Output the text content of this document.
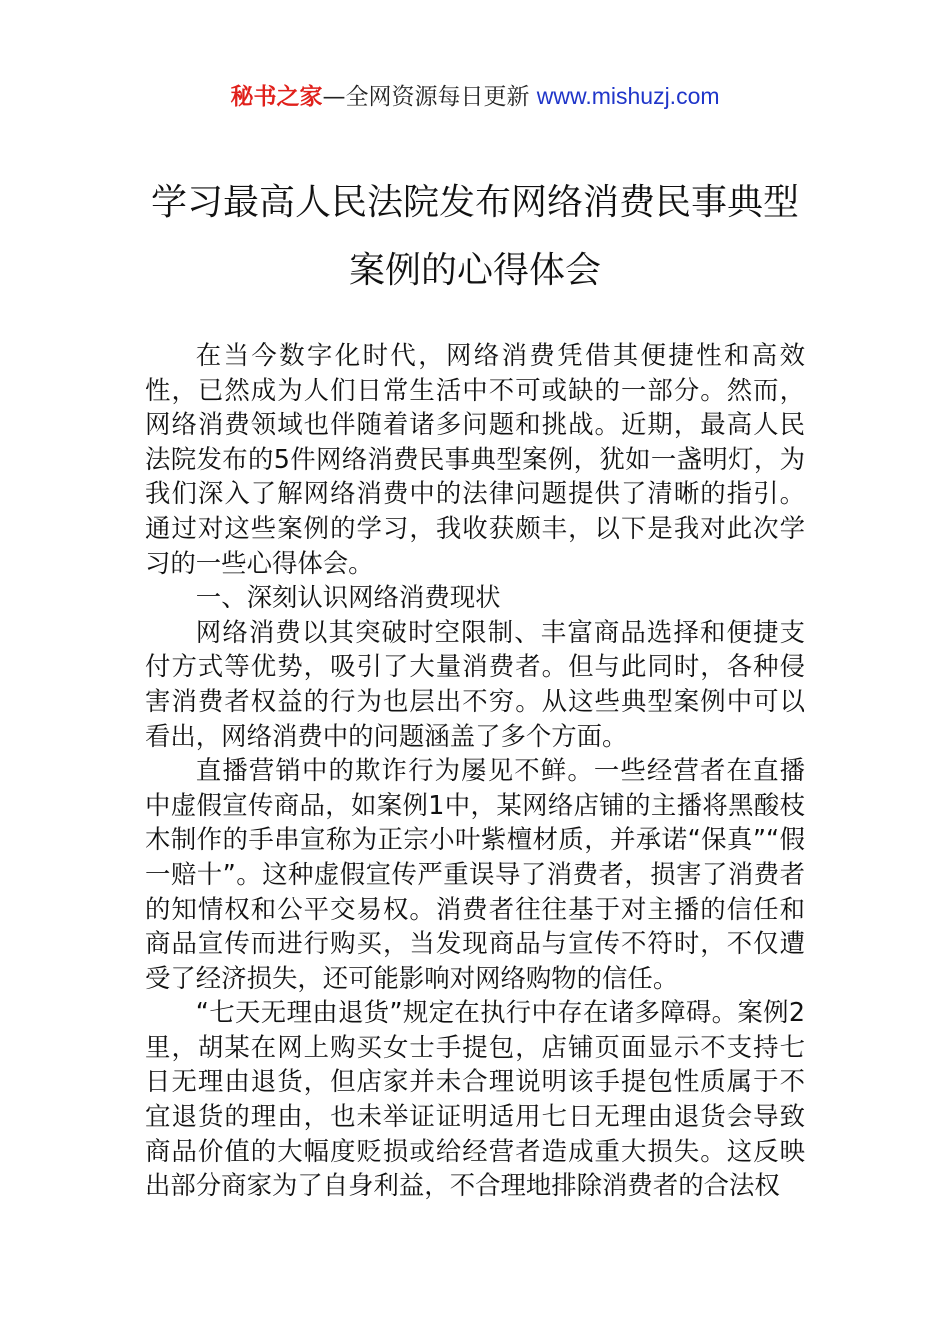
秘书之家—全网资源每日更新 www.mishuzj.com
学习最高人民法院发布网络消费民事典型
案例的心得体会

在当今数字化时代，网络消费凭借其便捷性和高效性，已然成为人们日常生活中不可或缺的一部分。然而，网络消费领域也伴随着诸多问题和挑战。近期，最高人民法院发布的5件网络消费民事典型案例，犹如一盏明灯，为我们深入了解网络消费中的法律问题提供了清晰的指引。通过对这些案例的学习，我收获颇丰，以下是我对此次学习的一些心得体会。

一、深刻认识网络消费现状

网络消费以其突破时空限制、丰富商品选择和便捷支付方式等优势，吸引了大量消费者。但与此同时，各种侵害消费者权益的行为也层出不穷。从这些典型案例中可以看出，网络消费中的问题涵盖了多个方面。

直播营销中的欺诈行为屡见不鲜。一些经营者在直播中虚假宣传商品，如案例1中，某网络店铺的主播将黑酸枝木制作的手串宣称为正宗小叶紫檀材质，并承诺“保真”“假一赔十”。这种虚假宣传严重误导了消费者，损害了消费者的知情权和公平交易权。消费者往往基于对主播的信任和商品宣传而进行购买，当发现商品与宣传不符时，不仅遭受了经济损失，还可能影响对网络购物的信任。

“七天无理由退货”规定在执行中存在诸多障碍。案例2里，胡某在网上购买女士手提包，店铺页面显示不支持七日无理由退货，但店家并未合理说明该手提包性质属于不宜退货的理由，也未举证证明适用七日无理由退货会导致商品价值的大幅度贬损或给经营者造成重大损失。这反映出部分商家为了自身利益，不合理地排除消费者的合法权
